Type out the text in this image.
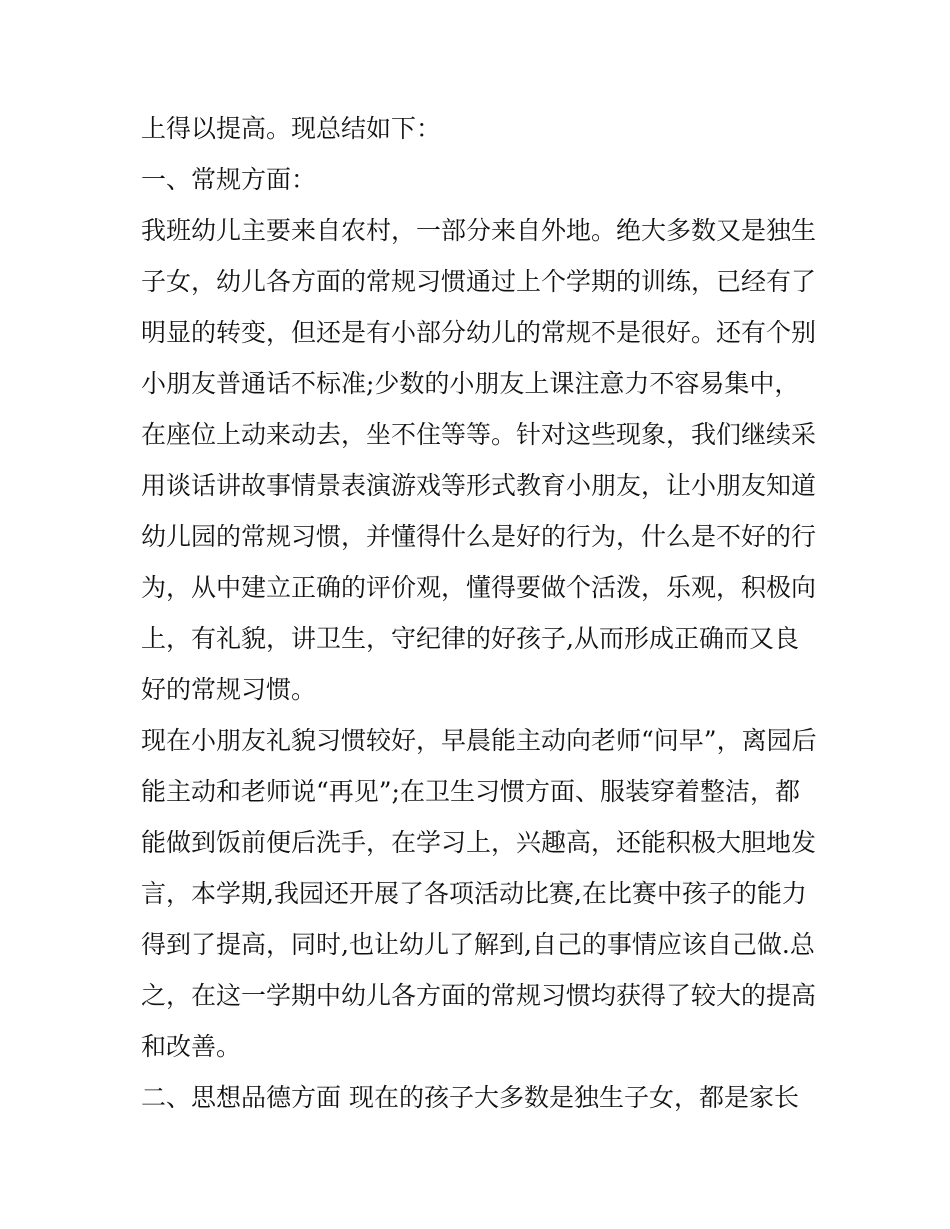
上得以提高。现总结如下：

一、常规方面：

我班幼儿主要来自农村，一部分来自外地。绝大多数又是独生

子女，幼儿各方面的常规习惯通过上个学期的训练，已经有了

明显的转变，但还是有小部分幼儿的常规不是很好。还有个别

小朋友普通话不标准;少数的小朋友上课注意力不容易集中，

在座位上动来动去，坐不住等等。针对这些现象，我们继续采

用谈话讲故事情景表演游戏等形式教育小朋友，让小朋友知道

幼儿园的常规习惯，并懂得什么是好的行为，什么是不好的行

为，从中建立正确的评价观，懂得要做个活泼，乐观，积极向

上，有礼貌，讲卫生，守纪律的好孩子,从而形成正确而又良

好的常规习惯。

现在小朋友礼貌习惯较好，早晨能主动向老师“问早”，离园后

能主动和老师说“再见”;在卫生习惯方面、服装穿着整洁，都

能做到饭前便后洗手，在学习上，兴趣高，还能积极大胆地发

言，本学期,我园还开展了各项活动比赛,在比赛中孩子的能力

得到了提高，同时,也让幼儿了解到,自己的事情应该自己做.总

之，在这一学期中幼儿各方面的常规习惯均获得了较大的提高

和改善。

二、思想品德方面 现在的孩子大多数是独生子女，都是家长
